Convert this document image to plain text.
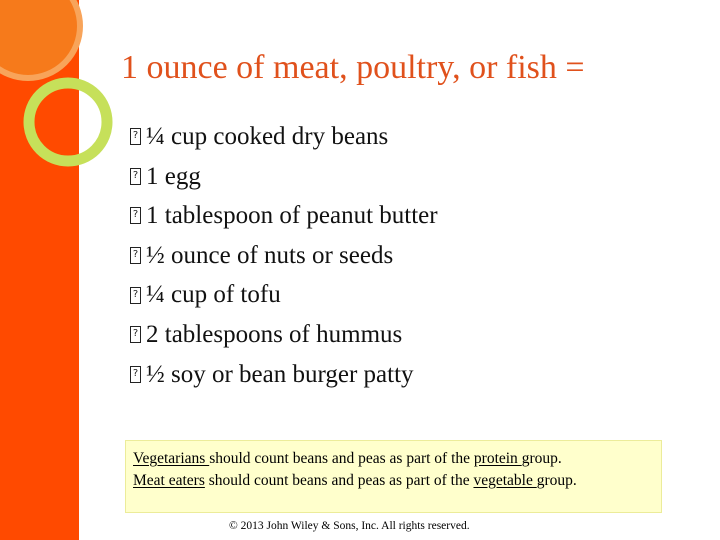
1 ounce of meat, poultry, or fish =
? ¼ cup cooked dry beans
? 1 egg
? 1 tablespoon of peanut butter
? ½ ounce of nuts or seeds
? ¼ cup of tofu
? 2 tablespoons of hummus
? ½ soy or bean burger patty
Vegetarians should count beans and peas as part of the protein group.
Meat eaters should count beans and peas as part of the vegetable group.
© 2013 John Wiley & Sons, Inc. All rights reserved.
